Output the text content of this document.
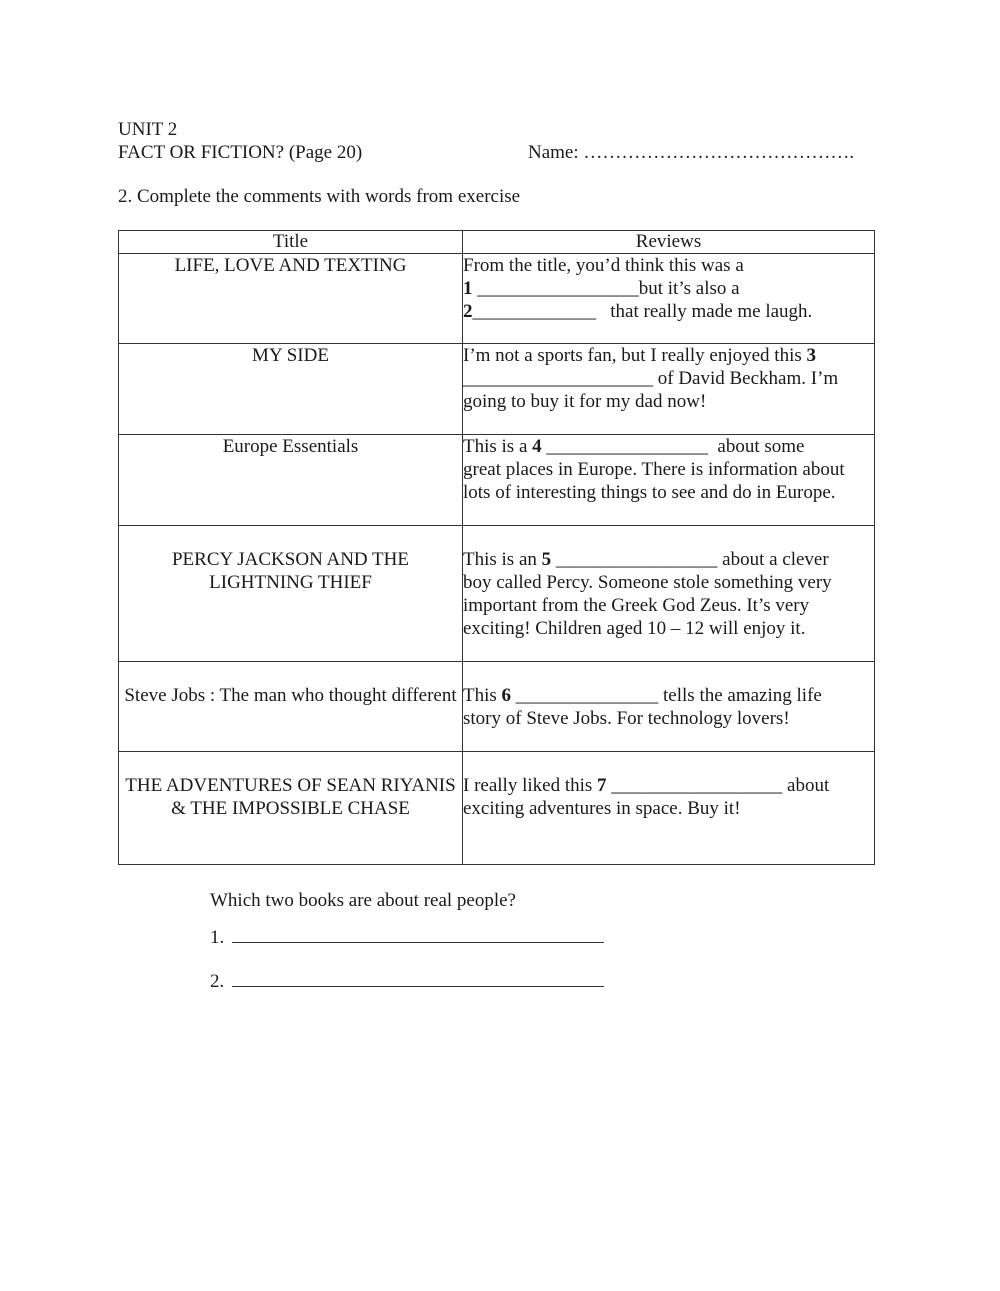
UNIT 2
FACT OR FICTION? (Page 20)	Name: …………………………………….
2. Complete the comments with words from exercise
Title	Reviews
LIFE, LOVE AND TEXTING	From the title, you’d think this was a
1 _________________but it’s also a
2_____________   that really made me laugh.

MY SIDE	I’m not a sports fan, but I really enjoyed this 3
____________________ of David Beckham. I’m
going to buy it for my dad now!

Europe Essentials	This is a 4 _________________  about some
great places in Europe. There is information about
lots of interesting things to see and do in Europe.

PERCY JACKSON AND THE LIGHTNING THIEF	This is an 5 _________________ about a clever
boy called Percy. Someone stole something very
important from the Greek God Zeus. It’s very
exciting! Children aged 10 – 12 will enjoy it.

Steve Jobs : The man who thought different	This 6 _______________ tells the amazing life
story of Steve Jobs. For technology lovers!

THE ADVENTURES OF SEAN RIYANIS & THE IMPOSSIBLE CHASE	I really liked this 7 __________________ about
exciting adventures in space. Buy it!
Which two books are about real people?
1.
2.
